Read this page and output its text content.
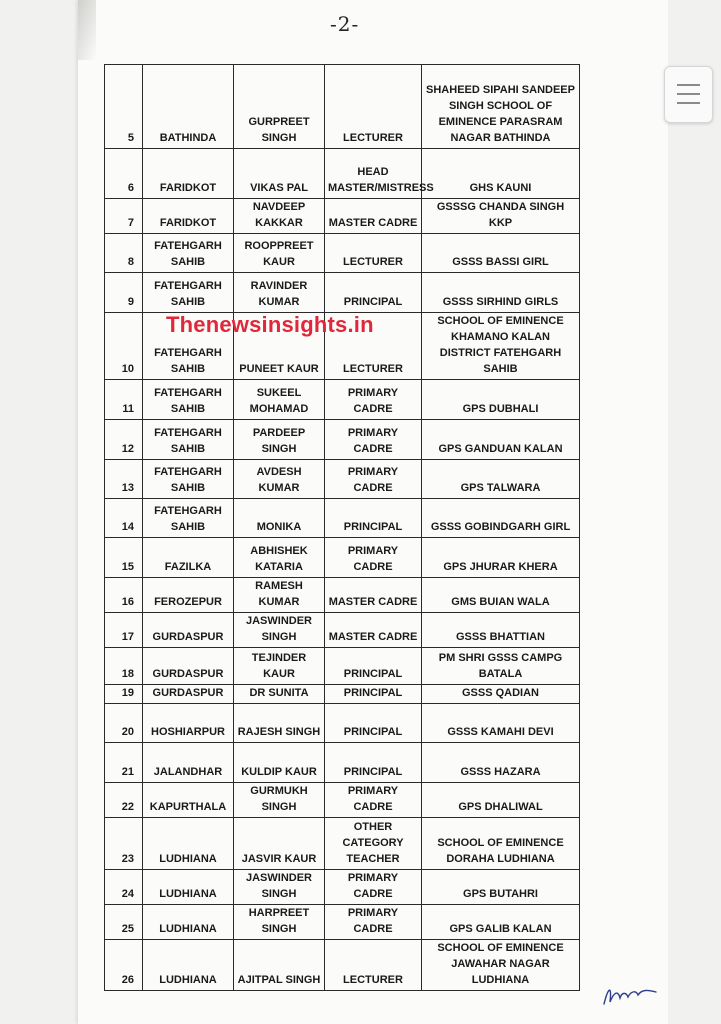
-2-
5	BATHINDA	GURPREET SINGH	LECTURER	SHAHEED SIPAHI SANDEEP SINGH SCHOOL OF EMINENCE PARASRAM NAGAR BATHINDA
6	FARIDKOT	VIKAS PAL	HEAD MASTER/MISTRESS	GHS KAUNI
7	FARIDKOT	NAVDEEP KAKKAR	MASTER CADRE	GSSSG CHANDA SINGH KKP
8	FATEHGARH SAHIB	ROOPPREET KAUR	LECTURER	GSSS BASSI GIRL
9	FATEHGARH SAHIB	RAVINDER KUMAR	PRINCIPAL	GSSS SIRHIND GIRLS
10	FATEHGARH SAHIB	PUNEET KAUR	LECTURER	SCHOOL OF EMINENCE KHAMANO KALAN DISTRICT FATEHGARH SAHIB
11	FATEHGARH SAHIB	SUKEEL MOHAMAD	PRIMARY CADRE	GPS DUBHALI
12	FATEHGARH SAHIB	PARDEEP SINGH	PRIMARY CADRE	GPS GANDUAN KALAN
13	FATEHGARH SAHIB	AVDESH KUMAR	PRIMARY CADRE	GPS TALWARA
14	FATEHGARH SAHIB	MONIKA	PRINCIPAL	GSSS GOBINDGARH GIRL
15	FAZILKA	ABHISHEK KATARIA	PRIMARY CADRE	GPS JHURAR KHERA
16	FEROZEPUR	RAMESH KUMAR	MASTER CADRE	GMS BUIAN WALA
17	GURDASPUR	JASWINDER SINGH	MASTER CADRE	GSSS BHATTIAN
18	GURDASPUR	TEJINDER KAUR	PRINCIPAL	PM SHRI GSSS CAMPG BATALA
19	GURDASPUR	DR SUNITA	PRINCIPAL	GSSS QADIAN
20	HOSHIARPUR	RAJESH SINGH	PRINCIPAL	GSSS KAMAHI DEVI
21	JALANDHAR	KULDIP KAUR	PRINCIPAL	GSSS HAZARA
22	KAPURTHALA	GURMUKH SINGH	PRIMARY CADRE	GPS DHALIWAL
23	LUDHIANA	JASVIR KAUR	OTHER CATEGORY TEACHER	SCHOOL OF EMINENCE DORAHA LUDHIANA
24	LUDHIANA	JASWINDER SINGH	PRIMARY CADRE	GPS BUTAHRI
25	LUDHIANA	HARPREET SINGH	PRIMARY CADRE	GPS GALIB KALAN
26	LUDHIANA	AJITPAL SINGH	LECTURER	SCHOOL OF EMINENCE JAWAHAR NAGAR LUDHIANA
Thenewsinsights.in
